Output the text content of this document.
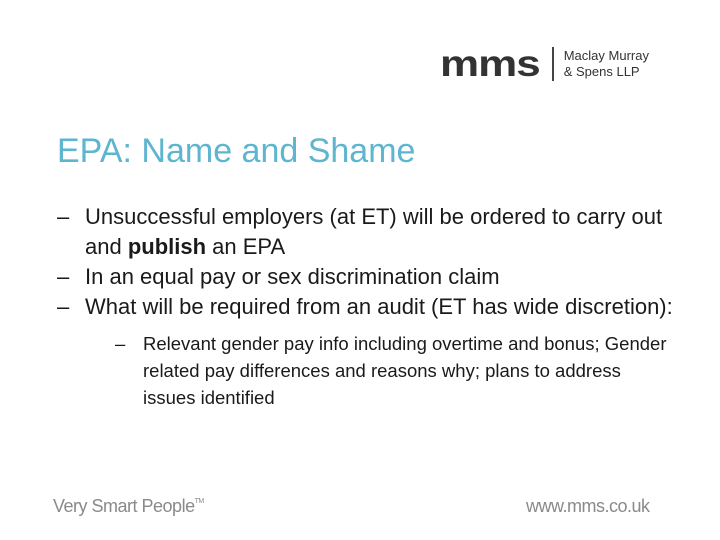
mms Maclay Murray
& Spens LLP
EPA: Name and Shame
– Unsuccessful employers (at ET) will be ordered to carry out and publish an EPA
– In an equal pay or sex discrimination claim
– What will be required from an audit (ET has wide discretion):
– Relevant gender pay info including overtime and bonus; Gender related pay differences and reasons why; plans to address issues identified
Very Smart People™	www.mms.co.uk
